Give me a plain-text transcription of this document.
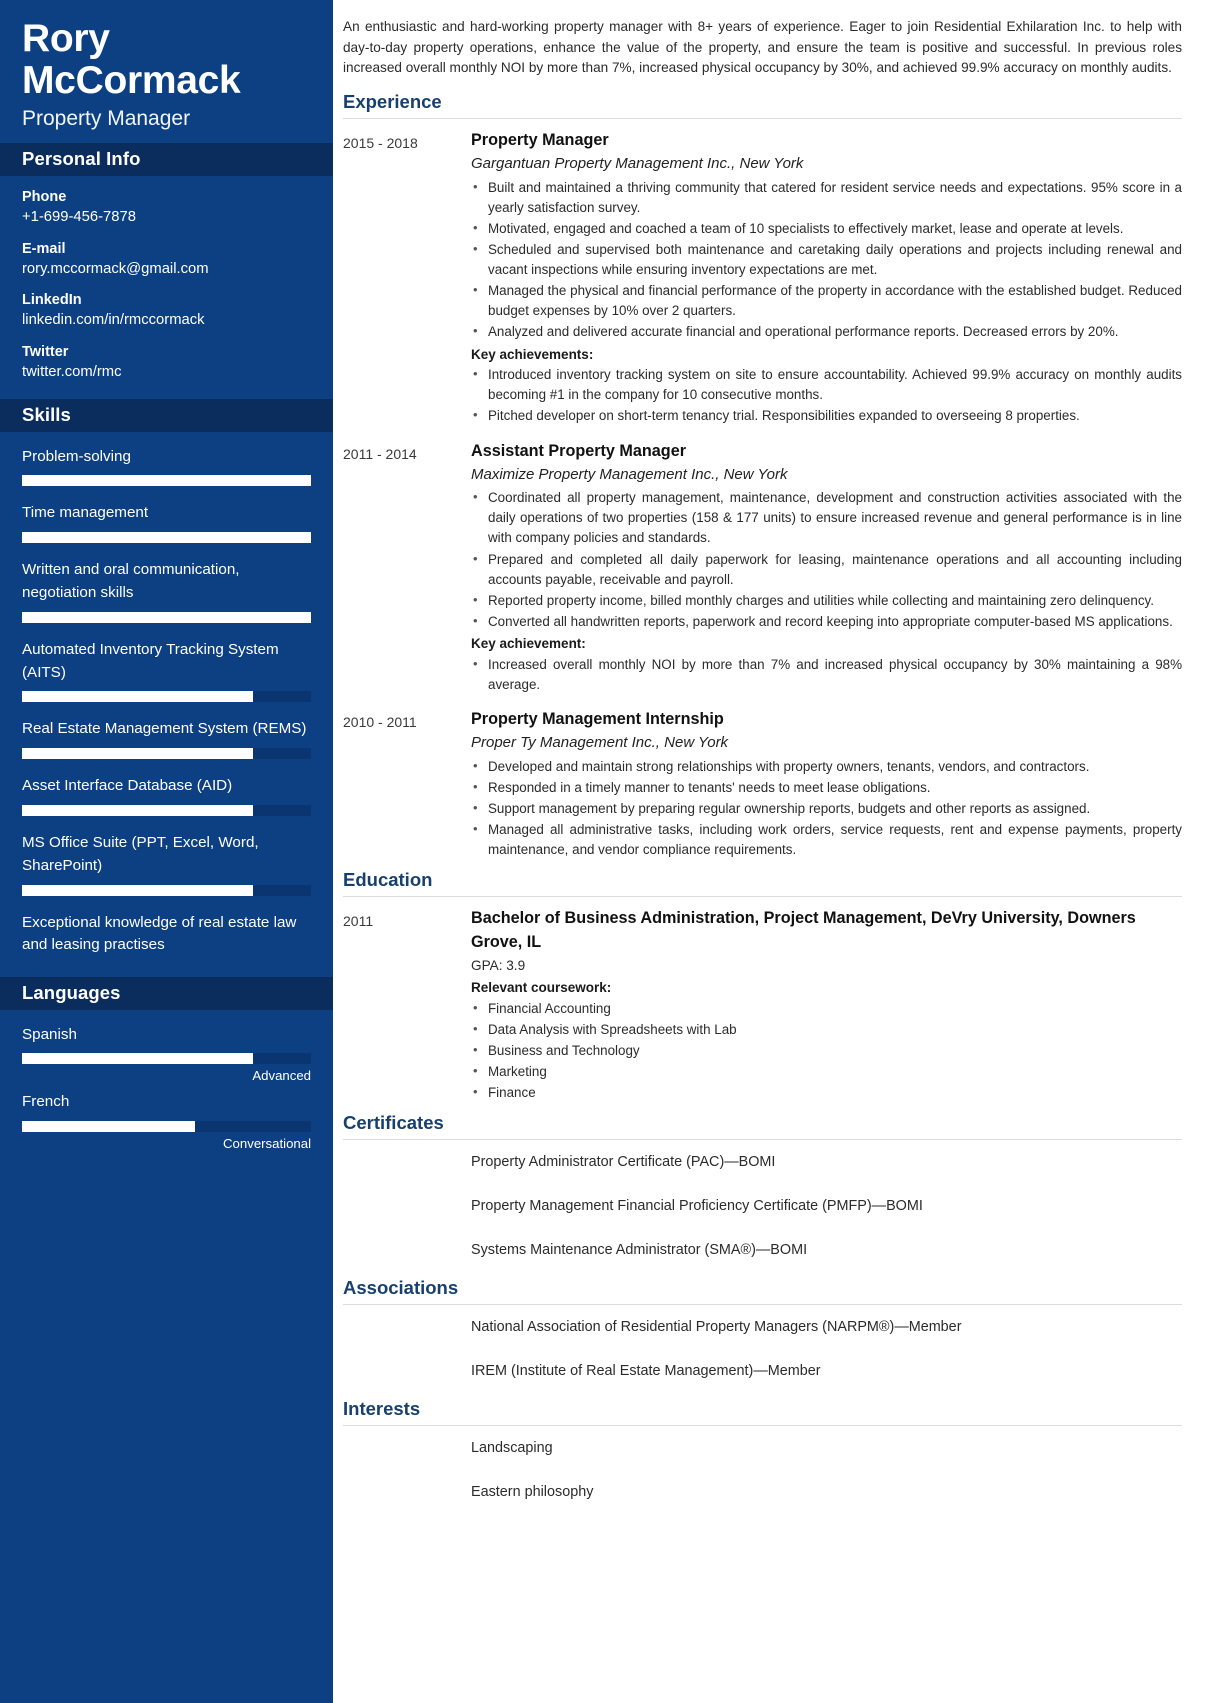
Rory McCormack
Property Manager
Personal Info
Phone
+1-699-456-7878
E-mail
rory.mccormack@gmail.com
LinkedIn
linkedin.com/in/rmccormack
Twitter
twitter.com/rmc
Skills
Problem-solving
Time management
Written and oral communication, negotiation skills
Automated Inventory Tracking System (AITS)
Real Estate Management System (REMS)
Asset Interface Database (AID)
MS Office Suite (PPT, Excel, Word, SharePoint)
Exceptional knowledge of real estate law and leasing practises
Languages
Spanish
Advanced
French
Conversational
An enthusiastic and hard-working property manager with 8+ years of experience. Eager to join Residential Exhilaration Inc. to help with day-to-day property operations, enhance the value of the property, and ensure the team is positive and successful. In previous roles increased overall monthly NOI by more than 7%, increased physical occupancy by 30%, and achieved 99.9% accuracy on monthly audits.
Experience
2015 - 2018	Property Manager
Gargantuan Property Management Inc., New York
• Built and maintained a thriving community that catered for resident service needs and expectations. 95% score in a yearly satisfaction survey.
• Motivated, engaged and coached a team of 10 specialists to effectively market, lease and operate at levels.
• Scheduled and supervised both maintenance and caretaking daily operations and projects including renewal and vacant inspections while ensuring inventory expectations are met.
• Managed the physical and financial performance of the property in accordance with the established budget. Reduced budget expenses by 10% over 2 quarters.
• Analyzed and delivered accurate financial and operational performance reports. Decreased errors by 20%.
Key achievements:
• Introduced inventory tracking system on site to ensure accountability. Achieved 99.9% accuracy on monthly audits becoming #1 in the company for 10 consecutive months.
• Pitched developer on short-term tenancy trial. Responsibilities expanded to overseeing 8 properties.
2011 - 2014	Assistant Property Manager
Maximize Property Management Inc., New York
• Coordinated all property management, maintenance, development and construction activities associated with the daily operations of two properties (158 & 177 units) to ensure increased revenue and general performance is in line with company policies and standards.
• Prepared and completed all daily paperwork for leasing, maintenance operations and all accounting including accounts payable, receivable and payroll.
• Reported property income, billed monthly charges and utilities while collecting and maintaining zero delinquency.
• Converted all handwritten reports, paperwork and record keeping into appropriate computer-based MS applications.
Key achievement:
• Increased overall monthly NOI by more than 7% and increased physical occupancy by 30% maintaining a 98% average.
2010 - 2011	Property Management Internship
Proper Ty Management Inc., New York
• Developed and maintain strong relationships with property owners, tenants, vendors, and contractors.
• Responded in a timely manner to tenants' needs to meet lease obligations.
• Support management by preparing regular ownership reports, budgets and other reports as assigned.
• Managed all administrative tasks, including work orders, service requests, rent and expense payments, property maintenance, and vendor compliance requirements.
Education
2011	Bachelor of Business Administration, Project Management, DeVry University, Downers Grove, IL
GPA: 3.9
Relevant coursework:
• Financial Accounting
• Data Analysis with Spreadsheets with Lab
• Business and Technology
• Marketing
• Finance
Certificates
Property Administrator Certificate (PAC)—BOMI
Property Management Financial Proficiency Certificate (PMFP)—BOMI
Systems Maintenance Administrator (SMA®)—BOMI
Associations
National Association of Residential Property Managers (NARPM®)—Member
IREM (Institute of Real Estate Management)—Member
Interests
Landscaping
Eastern philosophy
